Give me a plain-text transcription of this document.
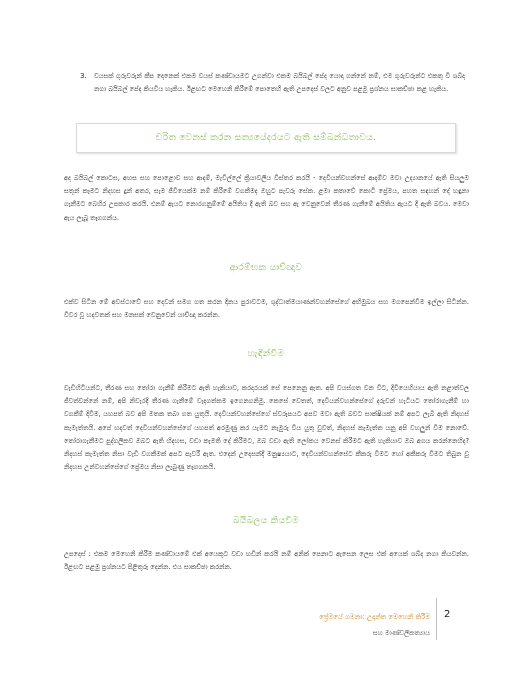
3.	වයසක් ගුරුවරුන් කීප දෙනෙක් එකම වයස් කණ්ඩායමට උගන්වා එකම බයිබල් පේද යොදා ගන්නේ නම්, එම ගුරුවරුන්ට එකතු වී ශබ්ද නගා බයිබල් පේද කියවිය හැකිය. ඊළඟට මෙහෙනි කිරීමේ පොතෙහි ඇති උපදෙස් වලට අනුව පළමු ප්‍රශ්නය සාකච්ඡා කළ හැකිය.
චරිත වෙනස් කරන සත්‍යයේදරයට ඇති සම්බන්ධතාවය.
අද බයිබල් කොටස, අහස සහ පොළොව සහ ආදම්, මැවිල්ලේ ක්‍රියාවලිය විස්තර කරයි - දෙවියන්වහන්සේ ආදම්ව මවා උද්‍යානයේ ඇති සියලුම සතුන් කෑමට නිදහස දුන් අතර, සැම ජීවියෙක්ම නම් කිරීමේ වගකීමද ඔහුට පැවරු සේක. ළමා කතාවේ කොටී ප්‍රේමය, පහත සඳහන් දේ හඳුනා ගැනීමට බෙහිර උපකාර කරයි. එනම් ඇයට නොරගනුම්මේ අයිතිය දී ඇති බව සහ ඇ වෙනුවෙන් තීරණ ගැනීමේ අයිතිය ඇයට දී ඇති බවය. මෙවා ඇය ලැබූ තෑගගන්ය.
ආරම්භක යාච්ඥාව
එක්ව සිටින මේ අවස්ථාවේ සහ දෙවන් සමග ගත කරන දිනය පුරාවටම, ශුද්ධාත්මයාණන්වහන්සේගේ අභිමුඛය සහ මගපෙන්වීම ඉල්ලා සිටින්න. විවර වූ හදවතක් සහ මනසක් වෙනුවෙන් යාච්ඥා කරන්න.
හැඳින්වීම
වැඩිහිටියන්ට, තීරණ සහ තෝරා ගැනීම් කිරීමට ඇති හැකියාව, කරදරයක් සේ පෙනෙනු ඇත. අපි වයස්ගත වන විට, දිවියෙහියාය ඇති නළාත්වල ජීවත්වන්නේ නම්, අපි නිවැරදි තීරණ ගැනීමේ වැදගත්කම ඉගෙනගනිමු. කෙසේ වෙතත්, දෙවියන්වහන්සේගේ දරුවන් හැටියට තෝරාගැනීම් හා වගකීම් දිවීම, යහපත් බව අපි මතක තබා ගත යුතුයි. දෙවියන්වහන්සේගේ ස්වරූපයට අපව මවා ඇති බවට සාක්ෂියක් නම් අපට ලැබී ඇති නිදහස් කැමැත්තයි. අපේ හදවත් දෙවියන්වහන්සේගේ යහපත් අරමුණු කර යැමට නැමුරු විය යුතු වුවත්, නිදහස් කැමැත්ත යනු අපි වහලුන් විම නොවේ. තෝරාගැනීමට පුද්ගලිකව ඔබට ඇති හිදහස, වඩා කැමති දේ කිරීමට, ඔබ වඩා ඇති ලෝකය වෙනස් කිරීමට ඇති හැකියාව ඔබ අගය කරන්නෙහිද? නිදහස් කැමැත්ත නිසා වැඩි වගකීමක් අපට පැවරී ඇත. එදෙන් උදෙසන්දී මනුෂ්‍යයාට, දෙවියන්වහන්සේට කීකරු වීමට හෝ අකීකරු වීමට තිබුන වූ නිදහස උන්වහන්සේගේ ප්‍රේමය නිසා ලැබුණු තෑගගකයි.
බයිබලය කියවීම
උපදෙස් : එකම මෙහෙනි කිරීම කණ්ඩායමේ එක් අයෙකුට වඩා හඩින් කරයි නම් අනික් පෙනාට ඇසෙන ලෙස එක් අයෙක් ශබ්ද නගා කියවන්න. ඊළඟට පළමු ප්‍රශ්නයට පිළිතුරු දෙන්න. එය සාකච්ඡා කරන්න.
ප්‍රේමයේ ගමනා: උදාන්ත මෙහෙනි කිරීම
සහ මාණ්ඩලිකත්‍ය‍ාය
2
